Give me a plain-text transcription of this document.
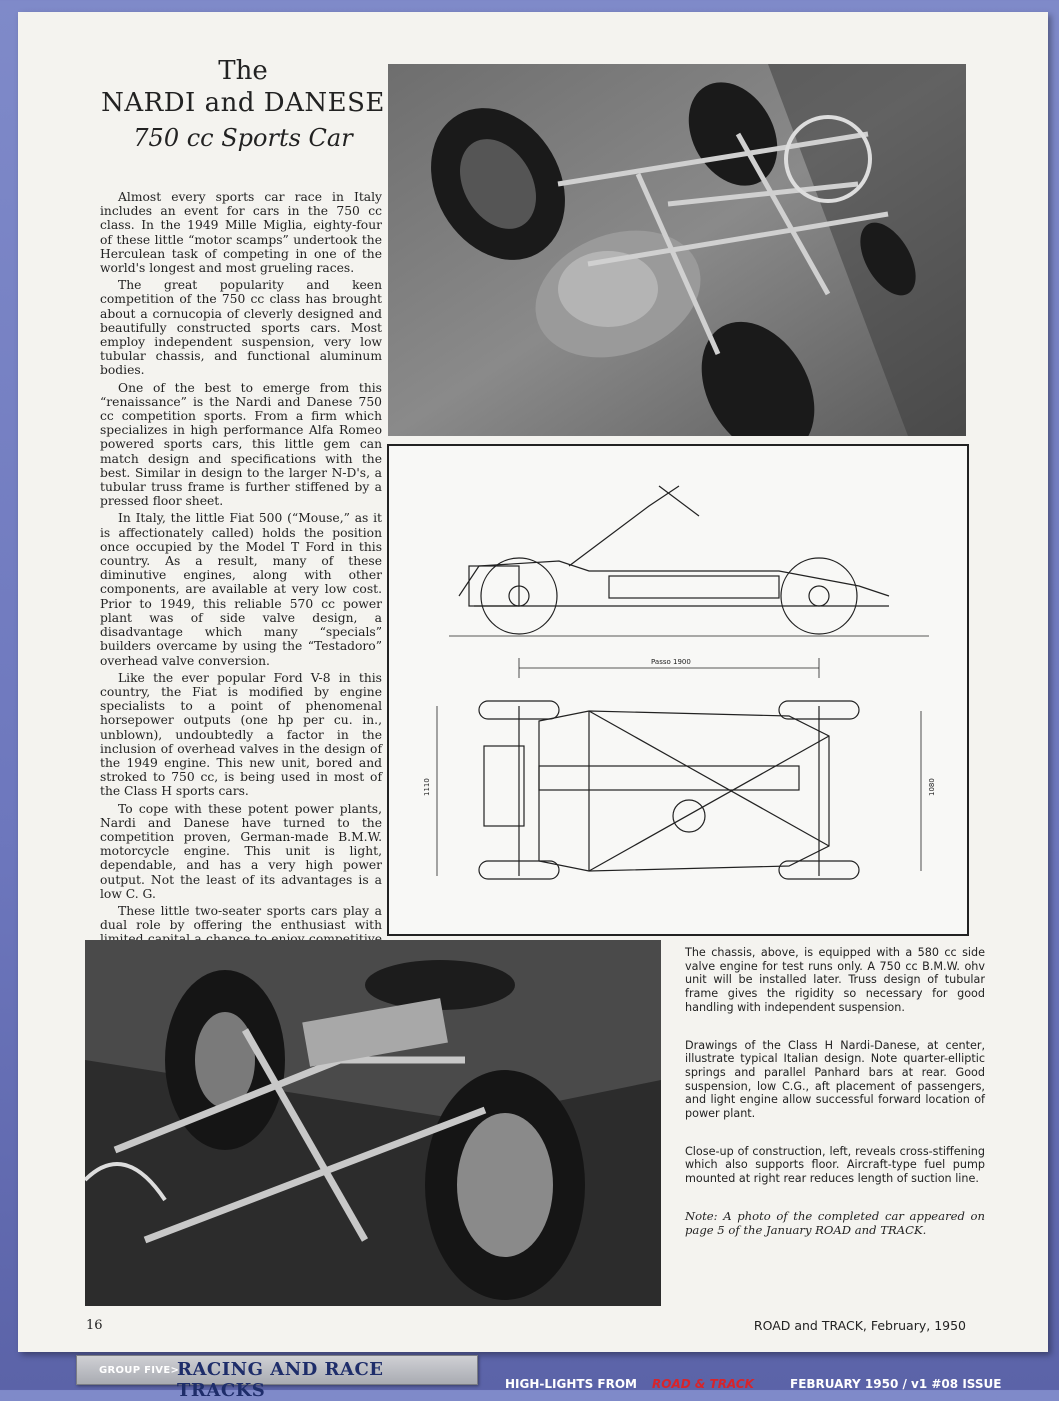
The
NARDI and DANESE
750 cc Sports Car

Almost every sports car race in Italy includes an event for cars in the 750 cc class. In the 1949 Mille Miglia, eighty-four of these little “motor scamps” undertook the Herculean task of competing in one of the world's longest and most grueling races.

The great popularity and keen competition of the 750 cc class has brought about a cornucopia of cleverly designed and beautifully constructed sports cars. Most employ independent suspension, very low tubular chassis, and functional aluminum bodies.

One of the best to emerge from this “renaissance” is the Nardi and Danese 750 cc competition sports. From a firm which specializes in high performance Alfa Romeo powered sports cars, this little gem can match design and specifications with the best. Similar in design to the larger N-D's, a tubular truss frame is further stiffened by a pressed floor sheet.

In Italy, the little Fiat 500 (“Mouse,” as it is affectionately called) holds the position once occupied by the Model T Ford in this country. As a result, many of these diminutive engines, along with other components, are available at very low cost. Prior to 1949, this reliable 570 cc power plant was of side valve design, a disadvantage which many “specials” builders overcame by using the “Testadoro” overhead valve conversion.

Like the ever popular Ford V-8 in this country, the Fiat is modified by engine specialists to a point of phenomenal horsepower outputs (one hp per cu. in., unblown), undoubtedly a factor in the inclusion of overhead valves in the design of the 1949 engine. This new unit, bored and stroked to 750 cc, is being used in most of the Class H sports cars.

To cope with these potent power plants, Nardi and Danese have turned to the competition proven, German-made B.M.W. motorcycle engine. This unit is light, dependable, and has a very high power output. Not the least of its advantages is a low C. G.

These little two-seater sports cars play a dual role by offering the enthusiast with

Passo 1900
1110	1080

The chassis, above, is equipped with a 580 cc side valve engine for test runs only. A 750 cc B.M.W. ohv unit will be installed later. Truss design of tubular frame gives the rigidity so necessary for good handling with independent suspension.

Drawings of the Class H Nardi-Danese, at center, illustrate typical Italian design. Note quarter-elliptic springs and parallel Panhard bars at rear. Good suspension, low C.G., aft placement of passengers, and light engine allow successful forward location of power plant.

Close-up of construction, left, reveals cross-stiffening which also supports floor. Aircraft-type fuel pump mounted at right rear reduces length of suction line.

Note: A photo of the completed car appeared on page 5 of the January ROAD and TRACK.

16	ROAD and TRACK, February, 1950
GROUP FIVE>
RACING AND RACE TRACKS	HIGH-LIGHTS FROM ROAD & TRACK	FEBRUARY 1950 / v1 #08 ISSUE
